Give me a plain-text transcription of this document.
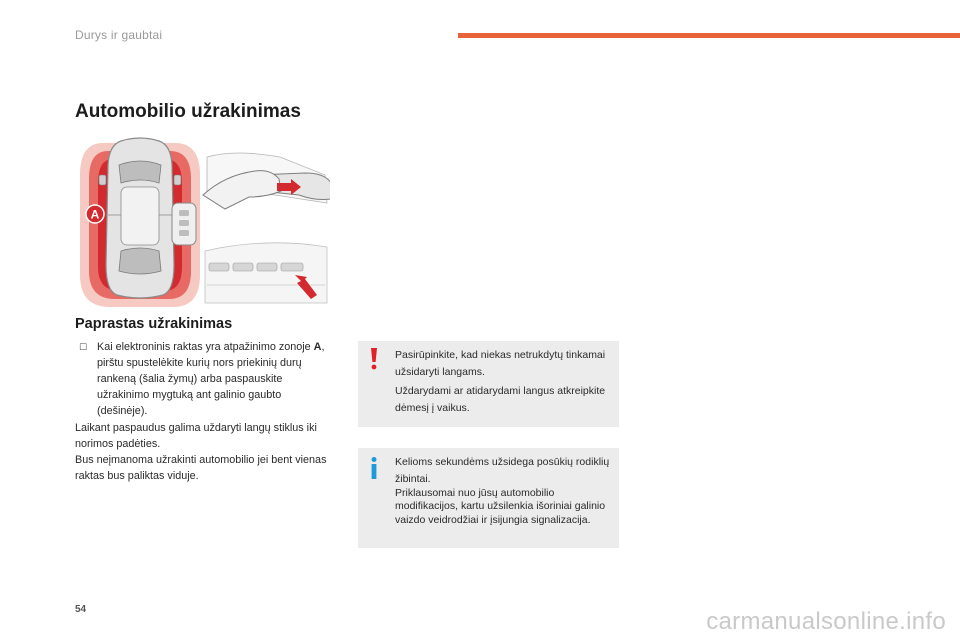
Durys ir gaubtai
Automobilio užrakinimas
A
Paprastas užrakinimas
☐ Kai elektroninis raktas yra atpažinimo zonoje A, pirštu spustelėkite kurių nors priekinių durų rankeną (šalia žymų) arba paspauskite užrakinimo mygtuką ant galinio gaubto (dešinėje).
Laikant paspaudus galima uždaryti langų stiklus iki norimos padėties.
Bus neįmanoma užrakinti automobilio jei bent vienas raktas bus paliktas viduje.
Pasirūpinkite, kad niekas netrukdytų tinkamai užsidaryti langams.
Uždarydami ar atidarydami langus atkreipkite dėmesį į vaikus.
Kelioms sekundėms užsidega posūkių rodiklių žibintai.
Priklausomai nuo jūsų automobilio modifikacijos, kartu užsilenkia išoriniai galinio vaizdo veidrodžiai ir įsijungia signalizacija.
54	carmanualsonline.info
